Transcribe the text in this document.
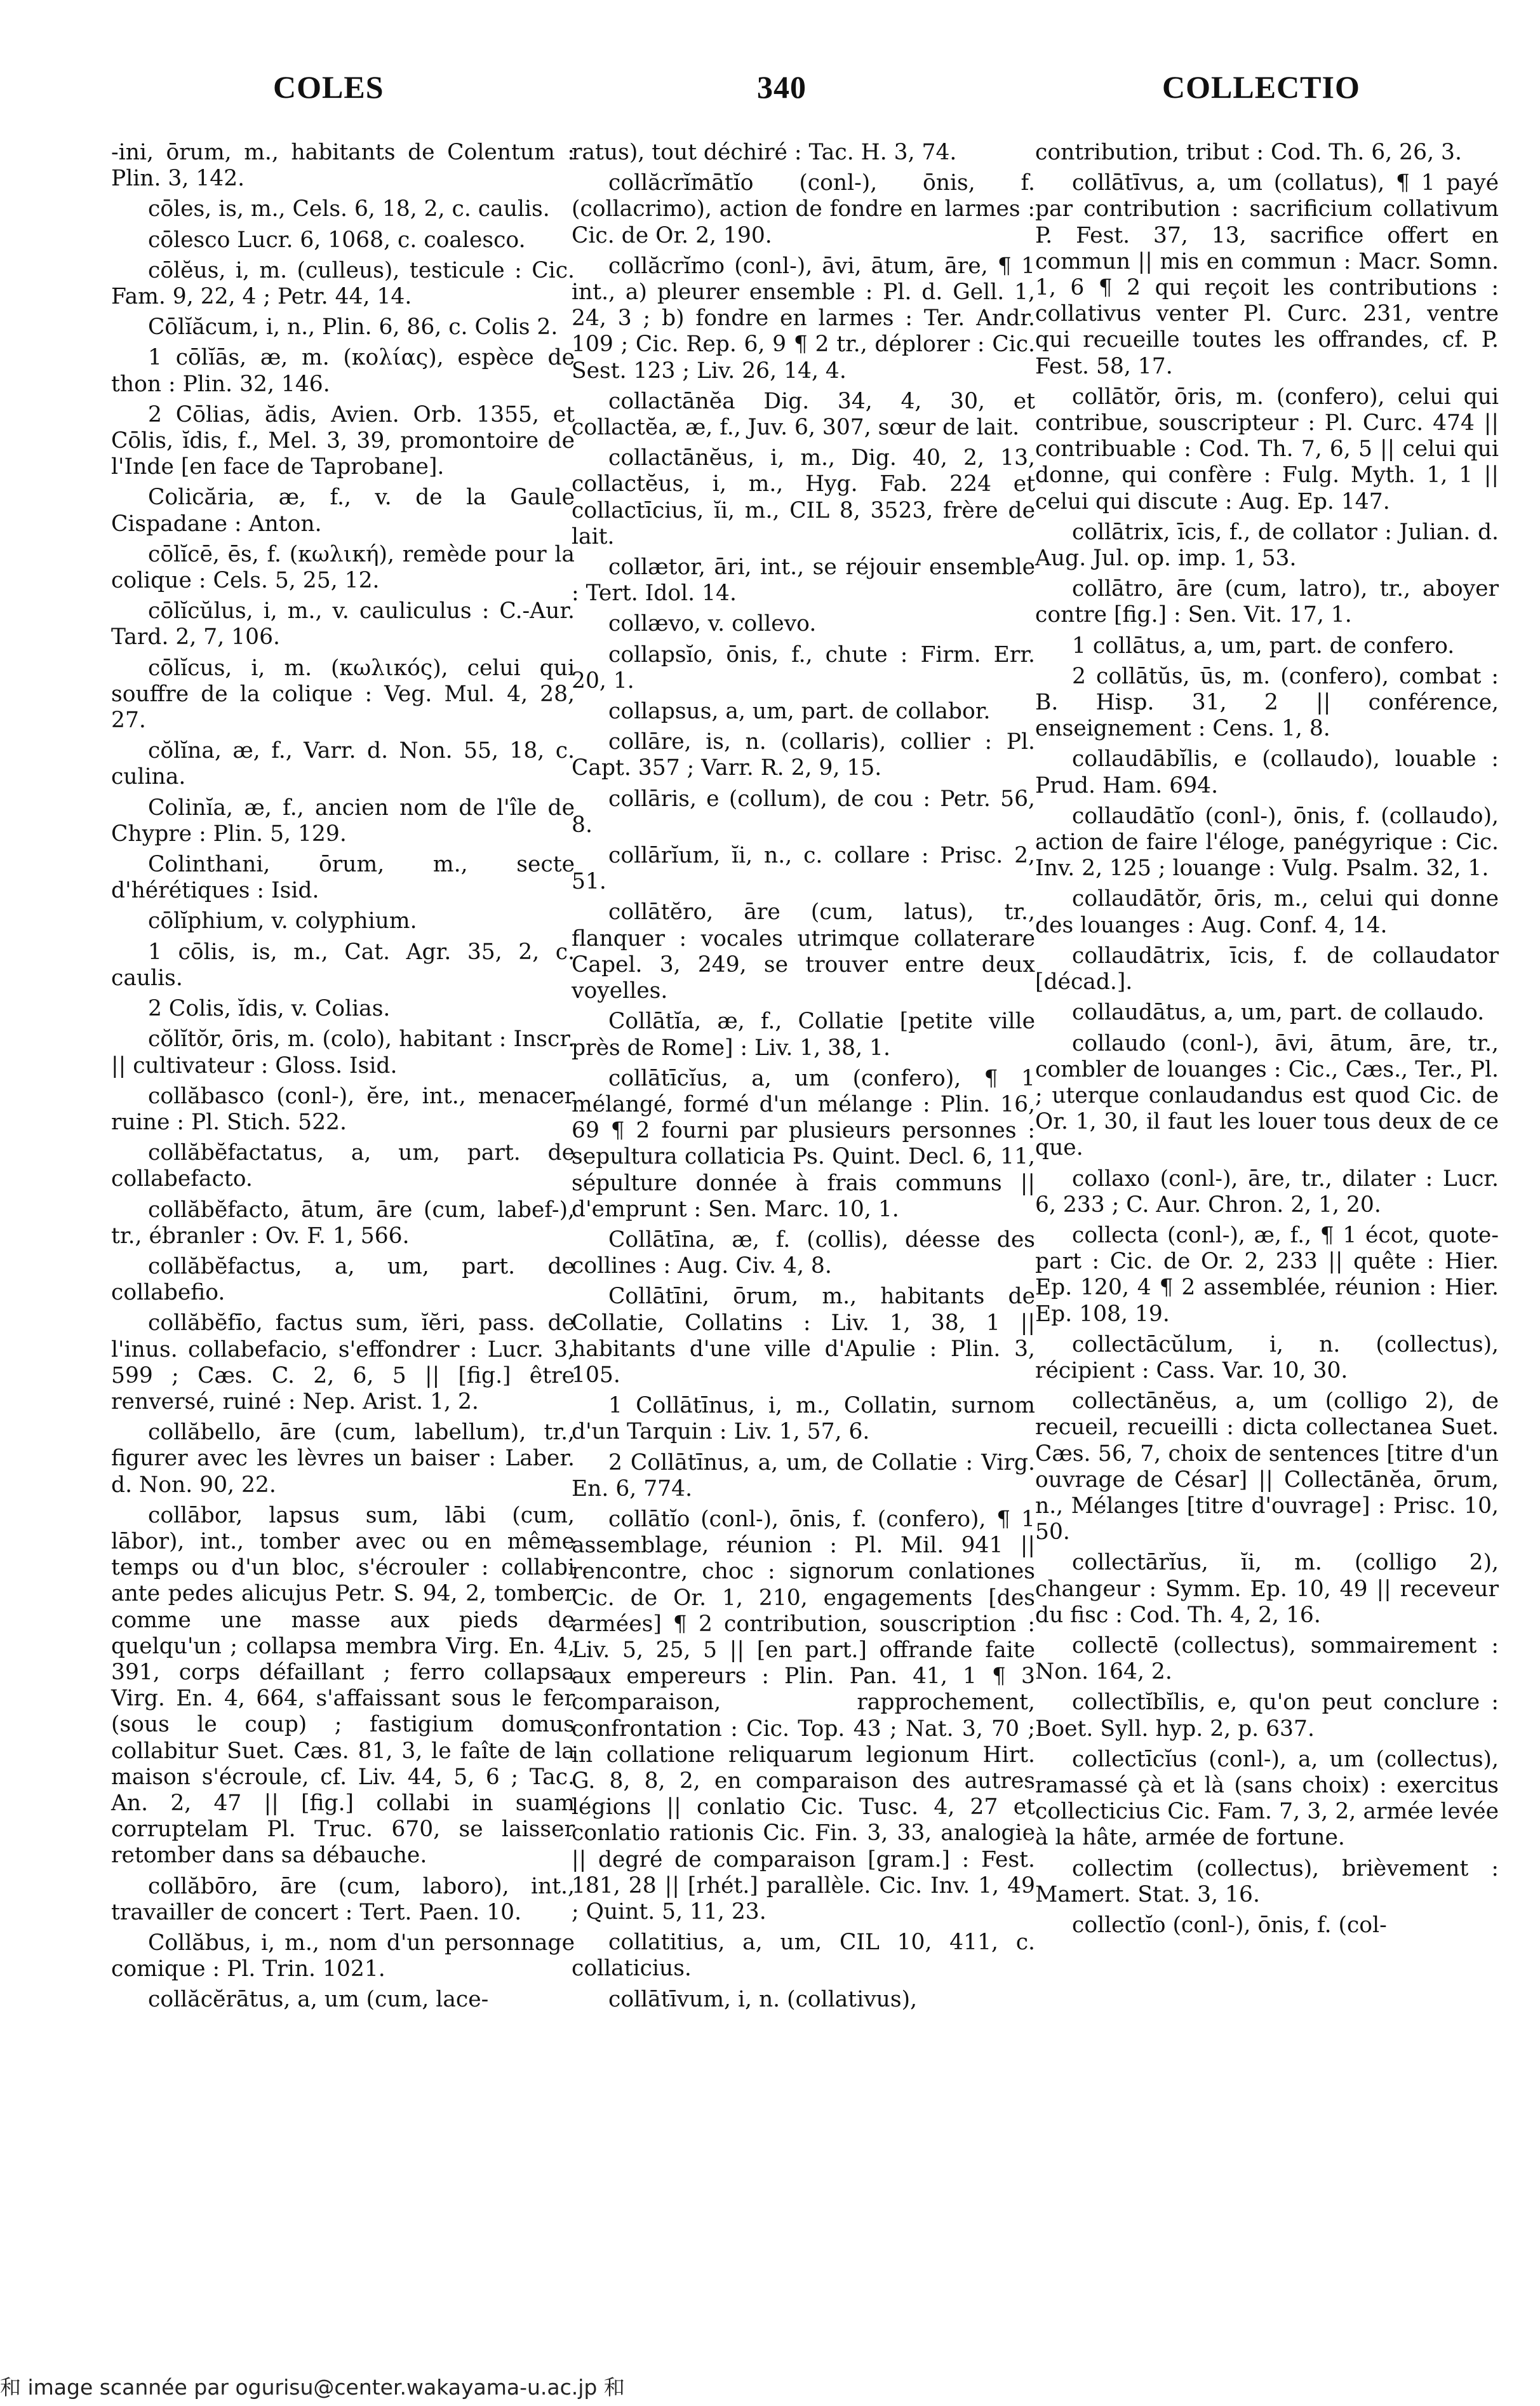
COLES	340	COLLECTIO

-ini, ōrum, m., habitants de Colentum : Plin. 3, 142.

cōles, is, m., Cels. 6, 18, 2, c. caulis.

cōlesco Lucr. 6, 1068, c. coalesco.

cōlĕus, i, m. (culleus), testicule : Cic. Fam. 9, 22, 4 ; Petr. 44, 14.

Cōlĭăcum, i, n., Plin. 6, 86, c. Colis 2.

1 cōlĭās, æ, m. (κολίας), espèce de thon : Plin. 32, 146.

2 Cōlias, ădis, Avien. Orb. 1355, et Cōlis, ĭdis, f., Mel. 3, 39, promontoire de l'Inde [en face de Taprobane].

Colicăria, æ, f., v. de la Gaule Cispadane : Anton.

cōlĭcē, ēs, f. (κωλική), remède pour la colique : Cels. 5, 25, 12.

cōlĭcŭlus, i, m., v. cauliculus : C.-Aur. Tard. 2, 7, 106.

cōlĭcus, i, m. (κωλικός), celui qui souffre de la colique : Veg. Mul. 4, 28, 27.

cŏlĭna, æ, f., Varr. d. Non. 55, 18, c. culina.

Colinĭa, æ, f., ancien nom de l'île de Chypre : Plin. 5, 129.

Colinthani, ōrum, m., secte d'hérétiques : Isid.

cōlĭphium, v. colyphium.

1 cōlis, is, m., Cat. Agr. 35, 2, c. caulis.

2 Colis, ĭdis, v. Colias.

cŏlĭtŏr, ōris, m. (colo), habitant : Inscr. || cultivateur : Gloss. Isid.

collăbasco (conl-), ĕre, int., menacer ruine : Pl. Stich. 522.

collăbĕfactatus, a, um, part. de collabefacto.

collăbĕfacto, ātum, āre (cum, labef-), tr., ébranler : Ov. F. 1, 566.

collăbĕfactus, a, um, part. de collabefio.

collăbĕfīo, factus sum, ĭĕri, pass. de l'inus. collabefacio, s'effondrer : Lucr. 3, 599 ; Cæs. C. 2, 6, 5 || [fig.] être renversé, ruiné : Nep. Arist. 1, 2.

collăbello, āre (cum, labellum), tr., figurer avec les lèvres un baiser : Laber. d. Non. 90, 22.

collābor, lapsus sum, lābi (cum, lābor), int., tomber avec ou en même temps ou d'un bloc, s'écrouler : collabi ante pedes alicujus Petr. S. 94, 2, tomber comme une masse aux pieds de quelqu'un ; collapsa membra Virg. En. 4, 391, corps défaillant ; ferro collapsa Virg. En. 4, 664, s'affaissant sous le fer (sous le coup) ; fastigium domus collabitur Suet. Cæs. 81, 3, le faîte de la maison s'écroule, cf. Liv. 44, 5, 6 ; Tac. An. 2, 47 || [fig.] collabi in suam corruptelam Pl. Truc. 670, se laisser retomber dans sa débauche.

collăbōro, āre (cum, laboro), int., travailler de concert : Tert. Paen. 10.

Collăbus, i, m., nom d'un personnage comique : Pl. Trin. 1021.

collăcĕrātus, a, um (cum, lace-

ratus), tout déchiré : Tac. H. 3, 74.

collăcrĭmātĭo (conl-), ōnis, f. (collacrimo), action de fondre en larmes : Cic. de Or. 2, 190.

collăcrĭmo (conl-), āvi, ātum, āre, ¶ 1 int., a) pleurer ensemble : Pl. d. Gell. 1, 24, 3 ; b) fondre en larmes : Ter. Andr. 109 ; Cic. Rep. 6, 9 ¶ 2 tr., déplorer : Cic. Sest. 123 ; Liv. 26, 14, 4.

collactānĕa Dig. 34, 4, 30, et collactĕa, æ, f., Juv. 6, 307, sœur de lait.

collactānĕus, i, m., Dig. 40, 2, 13, collactĕus, i, m., Hyg. Fab. 224 et collactīcius, ĭi, m., CIL 8, 3523, frère de lait.

collætor, āri, int., se réjouir ensemble : Tert. Idol. 14.

collævo, v. collevo.

collapsĭo, ōnis, f., chute : Firm. Err. 20, 1.

collapsus, a, um, part. de collabor.

collāre, is, n. (collaris), collier : Pl. Capt. 357 ; Varr. R. 2, 9, 15.

collāris, e (collum), de cou : Petr. 56, 8.

collārĭum, ĭi, n., c. collare : Prisc. 2, 51.

collātĕro, āre (cum, latus), tr., flanquer : vocales utrimque collaterare Capel. 3, 249, se trouver entre deux voyelles.

Collātĭa, æ, f., Collatie [petite ville près de Rome] : Liv. 1, 38, 1.

collātīcĭus, a, um (confero), ¶ 1 mélangé, formé d'un mélange : Plin. 16, 69 ¶ 2 fourni par plusieurs personnes : sepultura collaticia Ps. Quint. Decl. 6, 11, sépulture donnée à frais communs || d'emprunt : Sen. Marc. 10, 1.

Collātīna, æ, f. (collis), déesse des collines : Aug. Civ. 4, 8.

Collātīni, ōrum, m., habitants de Collatie, Collatins : Liv. 1, 38, 1 || habitants d'une ville d'Apulie : Plin. 3, 105.

1 Collātīnus, i, m., Collatin, surnom d'un Tarquin : Liv. 1, 57, 6.

2 Collātīnus, a, um, de Collatie : Virg. En. 6, 774.

collātĭo (conl-), ōnis, f. (confero), ¶ 1 assemblage, réunion : Pl. Mil. 941 || rencontre, choc : signorum conlationes Cic. de Or. 1, 210, engagements [des armées] ¶ 2 contribution, souscription : Liv. 5, 25, 5 || [en part.] offrande faite aux empereurs : Plin. Pan. 41, 1 ¶ 3 comparaison, rapprochement, confrontation : Cic. Top. 43 ; Nat. 3, 70 ; in collatione reliquarum legionum Hirt. G. 8, 8, 2, en comparaison des autres légions || conlatio Cic. Tusc. 4, 27 et conlatio rationis Cic. Fin. 3, 33, analogie || degré de comparaison [gram.] : Fest. 181, 28 || [rhét.] parallèle. Cic. Inv. 1, 49 ; Quint. 5, 11, 23.

collatitius, a, um, CIL 10, 411, c. collaticius.

collātīvum, i, n. (collativus),

contribution, tribut : Cod. Th. 6, 26, 3.

collātīvus, a, um (collatus), ¶ 1 payé par contribution : sacrificium collativum P. Fest. 37, 13, sacrifice offert en commun || mis en commun : Macr. Somn. 1, 6 ¶ 2 qui reçoit les contributions : collativus venter Pl. Curc. 231, ventre qui recueille toutes les offrandes, cf. P. Fest. 58, 17.

collātŏr, ōris, m. (confero), celui qui contribue, souscripteur : Pl. Curc. 474 || contribuable : Cod. Th. 7, 6, 5 || celui qui donne, qui confère : Fulg. Myth. 1, 1 || celui qui discute : Aug. Ep. 147.

collātrix, īcis, f., de collator : Julian. d. Aug. Jul. op. imp. 1, 53.

collātro, āre (cum, latro), tr., aboyer contre [fig.] : Sen. Vit. 17, 1.

1 collātus, a, um, part. de confero.

2 collātŭs, ūs, m. (confero), combat : B. Hisp. 31, 2 || conférence, enseignement : Cens. 1, 8.

collaudābĭlis, e (collaudo), louable : Prud. Ham. 694.

collaudātĭo (conl-), ōnis, f. (collaudo), action de faire l'éloge, panégyrique : Cic. Inv. 2, 125 ; louange : Vulg. Psalm. 32, 1.

collaudātŏr, ōris, m., celui qui donne des louanges : Aug. Conf. 4, 14.

collaudātrix, īcis, f. de collaudator [décad.].

collaudātus, a, um, part. de collaudo.

collaudo (conl-), āvi, ātum, āre, tr., combler de louanges : Cic., Cæs., Ter., Pl. ; uterque conlaudandus est quod Cic. de Or. 1, 30, il faut les louer tous deux de ce que.

collaxo (conl-), āre, tr., dilater : Lucr. 6, 233 ; C. Aur. Chron. 2, 1, 20.

collecta (conl-), æ, f., ¶ 1 écot, quote-part : Cic. de Or. 2, 233 || quête : Hier. Ep. 120, 4 ¶ 2 assemblée, réunion : Hier. Ep. 108, 19.

collectācŭlum, i, n. (collectus), récipient : Cass. Var. 10, 30.

collectānĕus, a, um (colligo 2), de recueil, recueilli : dicta collectanea Suet. Cæs. 56, 7, choix de sentences [titre d'un ouvrage de César] || Collectānĕa, ōrum, n., Mélanges [titre d'ouvrage] : Prisc. 10, 50.

collectārĭus, ĭi, m. (colligo 2), changeur : Symm. Ep. 10, 49 || receveur du fisc : Cod. Th. 4, 2, 16.

collectē (collectus), sommairement : Non. 164, 2.

collectĭbĭlis, e, qu'on peut conclure : Boet. Syll. hyp. 2, p. 637.

collectīcĭus (conl-), a, um (collectus), ramassé çà et là (sans choix) : exercitus collecticius Cic. Fam. 7, 3, 2, armée levée à la hâte, armée de fortune.

collectim (collectus), brièvement : Mamert. Stat. 3, 16.

collectĭo (conl-), ōnis, f. (col-

和 image scannée par ogurisu@center.wakayama-u.ac.jp 和
